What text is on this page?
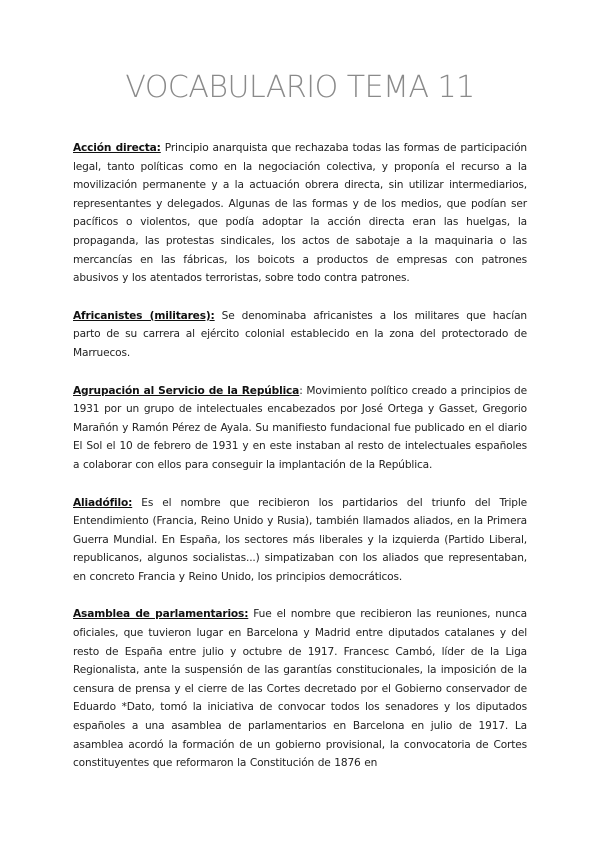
VOCABULARIO TEMA 11

Acción directa: Principio anarquista que rechazaba todas las formas de participación legal, tanto políticas como en la negociación colectiva, y proponía el recurso a la movilización permanente y a la actuación obrera directa, sin utilizar intermediarios, representantes y delegados. Algunas de las formas y de los medios, que podían ser pacíficos o violentos, que podía adoptar la acción directa eran las huelgas, la propaganda, las protestas sindicales, los actos de sabotaje a la maquinaria o las mercancías en las fábricas, los boicots a productos de empresas con patrones abusivos y los atentados terroristas, sobre todo contra patrones.

Africanistes (militares): Se denominaba africanistes a los militares que hacían parto de su carrera al ejército colonial establecido en la zona del protectorado de Marruecos.

Agrupación al Servicio de la República: Movimiento político creado a principios de 1931 por un grupo de intelectuales encabezados por José Ortega y Gasset, Gregorio Marañón y Ramón Pérez de Ayala. Su manifiesto fundacional fue publicado en el diario El Sol el 10 de febrero de 1931 y en este instaban al resto de intelectuales españoles a colaborar con ellos para conseguir la implantación de la República.

Aliadófilo: Es el nombre que recibieron los partidarios del triunfo del Triple Entendimiento (Francia, Reino Unido y Rusia), también llamados aliados, en la Primera Guerra Mundial. En España, los sectores más liberales y la izquierda (Partido Liberal, republicanos, algunos socialistas...) simpatizaban con los aliados que representaban, en concreto Francia y Reino Unido, los principios democráticos.

Asamblea de parlamentarios: Fue el nombre que recibieron las reuniones, nunca oficiales, que tuvieron lugar en Barcelona y Madrid entre diputados catalanes y del resto de España entre julio y octubre de 1917. Francesc Cambó, líder de la Liga Regionalista, ante la suspensión de las garantías constitucionales, la imposición de la censura de prensa y el cierre de las Cortes decretado por el Gobierno conservador de Eduardo *Dato, tomó la iniciativa de convocar todos los senadores y los diputados españoles a una asamblea de parlamentarios en Barcelona en julio de 1917. La asamblea acordó la formación de un gobierno provisional, la convocatoria de Cortes constituyentes que reformaron la Constitución de 1876 en
